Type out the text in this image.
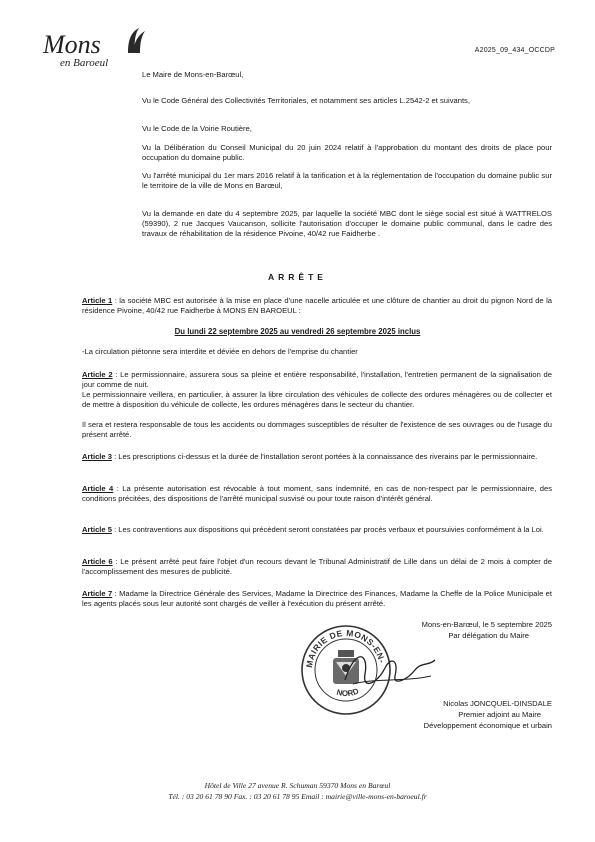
Mons
en Baroeul
A2025_09_434_OCCDP

Le Maire de Mons-en-Barœul,

Vu le Code Général des Collectivités Territoriales, et notamment ses articles L.2542-2 et suivants,

Vu le Code de la Voirie Routière,

Vu la Délibération du Conseil Municipal du 20 juin 2024 relatif à l'approbation du montant des droits de place pour occupation du domaine public.

Vu l'arrêté municipal du 1er mars 2016 relatif à la tarification et à la réglementation de l'occupation du domaine public sur le territoire de la ville de Mons en Barœul,

Vu la demande en date du 4 septembre 2025, par laquelle la société MBC dont le siège social est situé à WATTRELOS (59390), 2 rue Jacques Vaucanson, sollicite l'autorisation d'occuper le domaine public communal, dans le cadre des travaux de réhabilitation de la résidence Pivoine, 40/42 rue Faidherbe .

ARRÊTE

Article 1 : la société MBC est autorisée à la mise en place d'une nacelle articulée et une clôture de chantier au droit du pignon Nord de la résidence Pivoine, 40/42 rue Faidherbe à MONS EN BAROEUL :

Du lundi 22 septembre 2025 au vendredi 26 septembre 2025 inclus

-La circulation piétonne sera interdite et déviée en dehors de l'emprise du chantier

Article 2 : Le permissionnaire, assurera sous sa pleine et entière responsabilité, l'installation, l'entretien permanent de la signalisation de jour comme de nuit.

Le permissionnaire veillera, en particulier, à assurer la libre circulation des véhicules de collecte des ordures ménagères ou de collecter et de mettre à disposition du véhicule de collecte, les ordures ménagères dans le secteur du chantier.

Il sera et restera responsable de tous les accidents ou dommages susceptibles de résulter de l'existence de ses ouvrages ou de l'usage du présent arrêté.

Article 3 : Les prescriptions ci-dessus et la durée de l'installation seront portées à la connaissance des riverains par le permissionnaire.

Article 4 : La présente autorisation est révocable à tout moment, sans indemnité, en cas de non-respect par le permissionnaire, des conditions précitées, des dispositions de l'arrêté municipal susvisé ou pour toute raison d'intérêt général.

Article 5 : Les contraventions aux dispositions qui précèdent seront constatées par procès verbaux et poursuivies conformément à la Loi.

Article 6 : Le présent arrêté peut faire l'objet d'un recours devant le Tribunal Administratif de Lille dans un délai de 2 mois à compter de l'accomplissement des mesures de publicité.

Article 7 : Madame la Directrice Générale des Services, Madame la Directrice des Finances, Madame la Cheffe de la Police Municipale et les agents placés sous leur autorité sont chargés de veiller à l'exécution du présent arrêté.

Mons-en-Barœul, le 5 septembre 2025
Par délégation du Maire
MAIRIE DE MONS-EN-
NORD
Nicolas JONCQUEL-DINSDALE
Premier adjoint au Maire
Développement économique et urbain
Hôtel de Ville 27 avenue R. Schuman 59370 Mons en Barœul
Tél. : 03 20 61 78 90 Fax. : 03 20 61 78 95 Email : mairie@ville-mons-en-baroeul.fr
